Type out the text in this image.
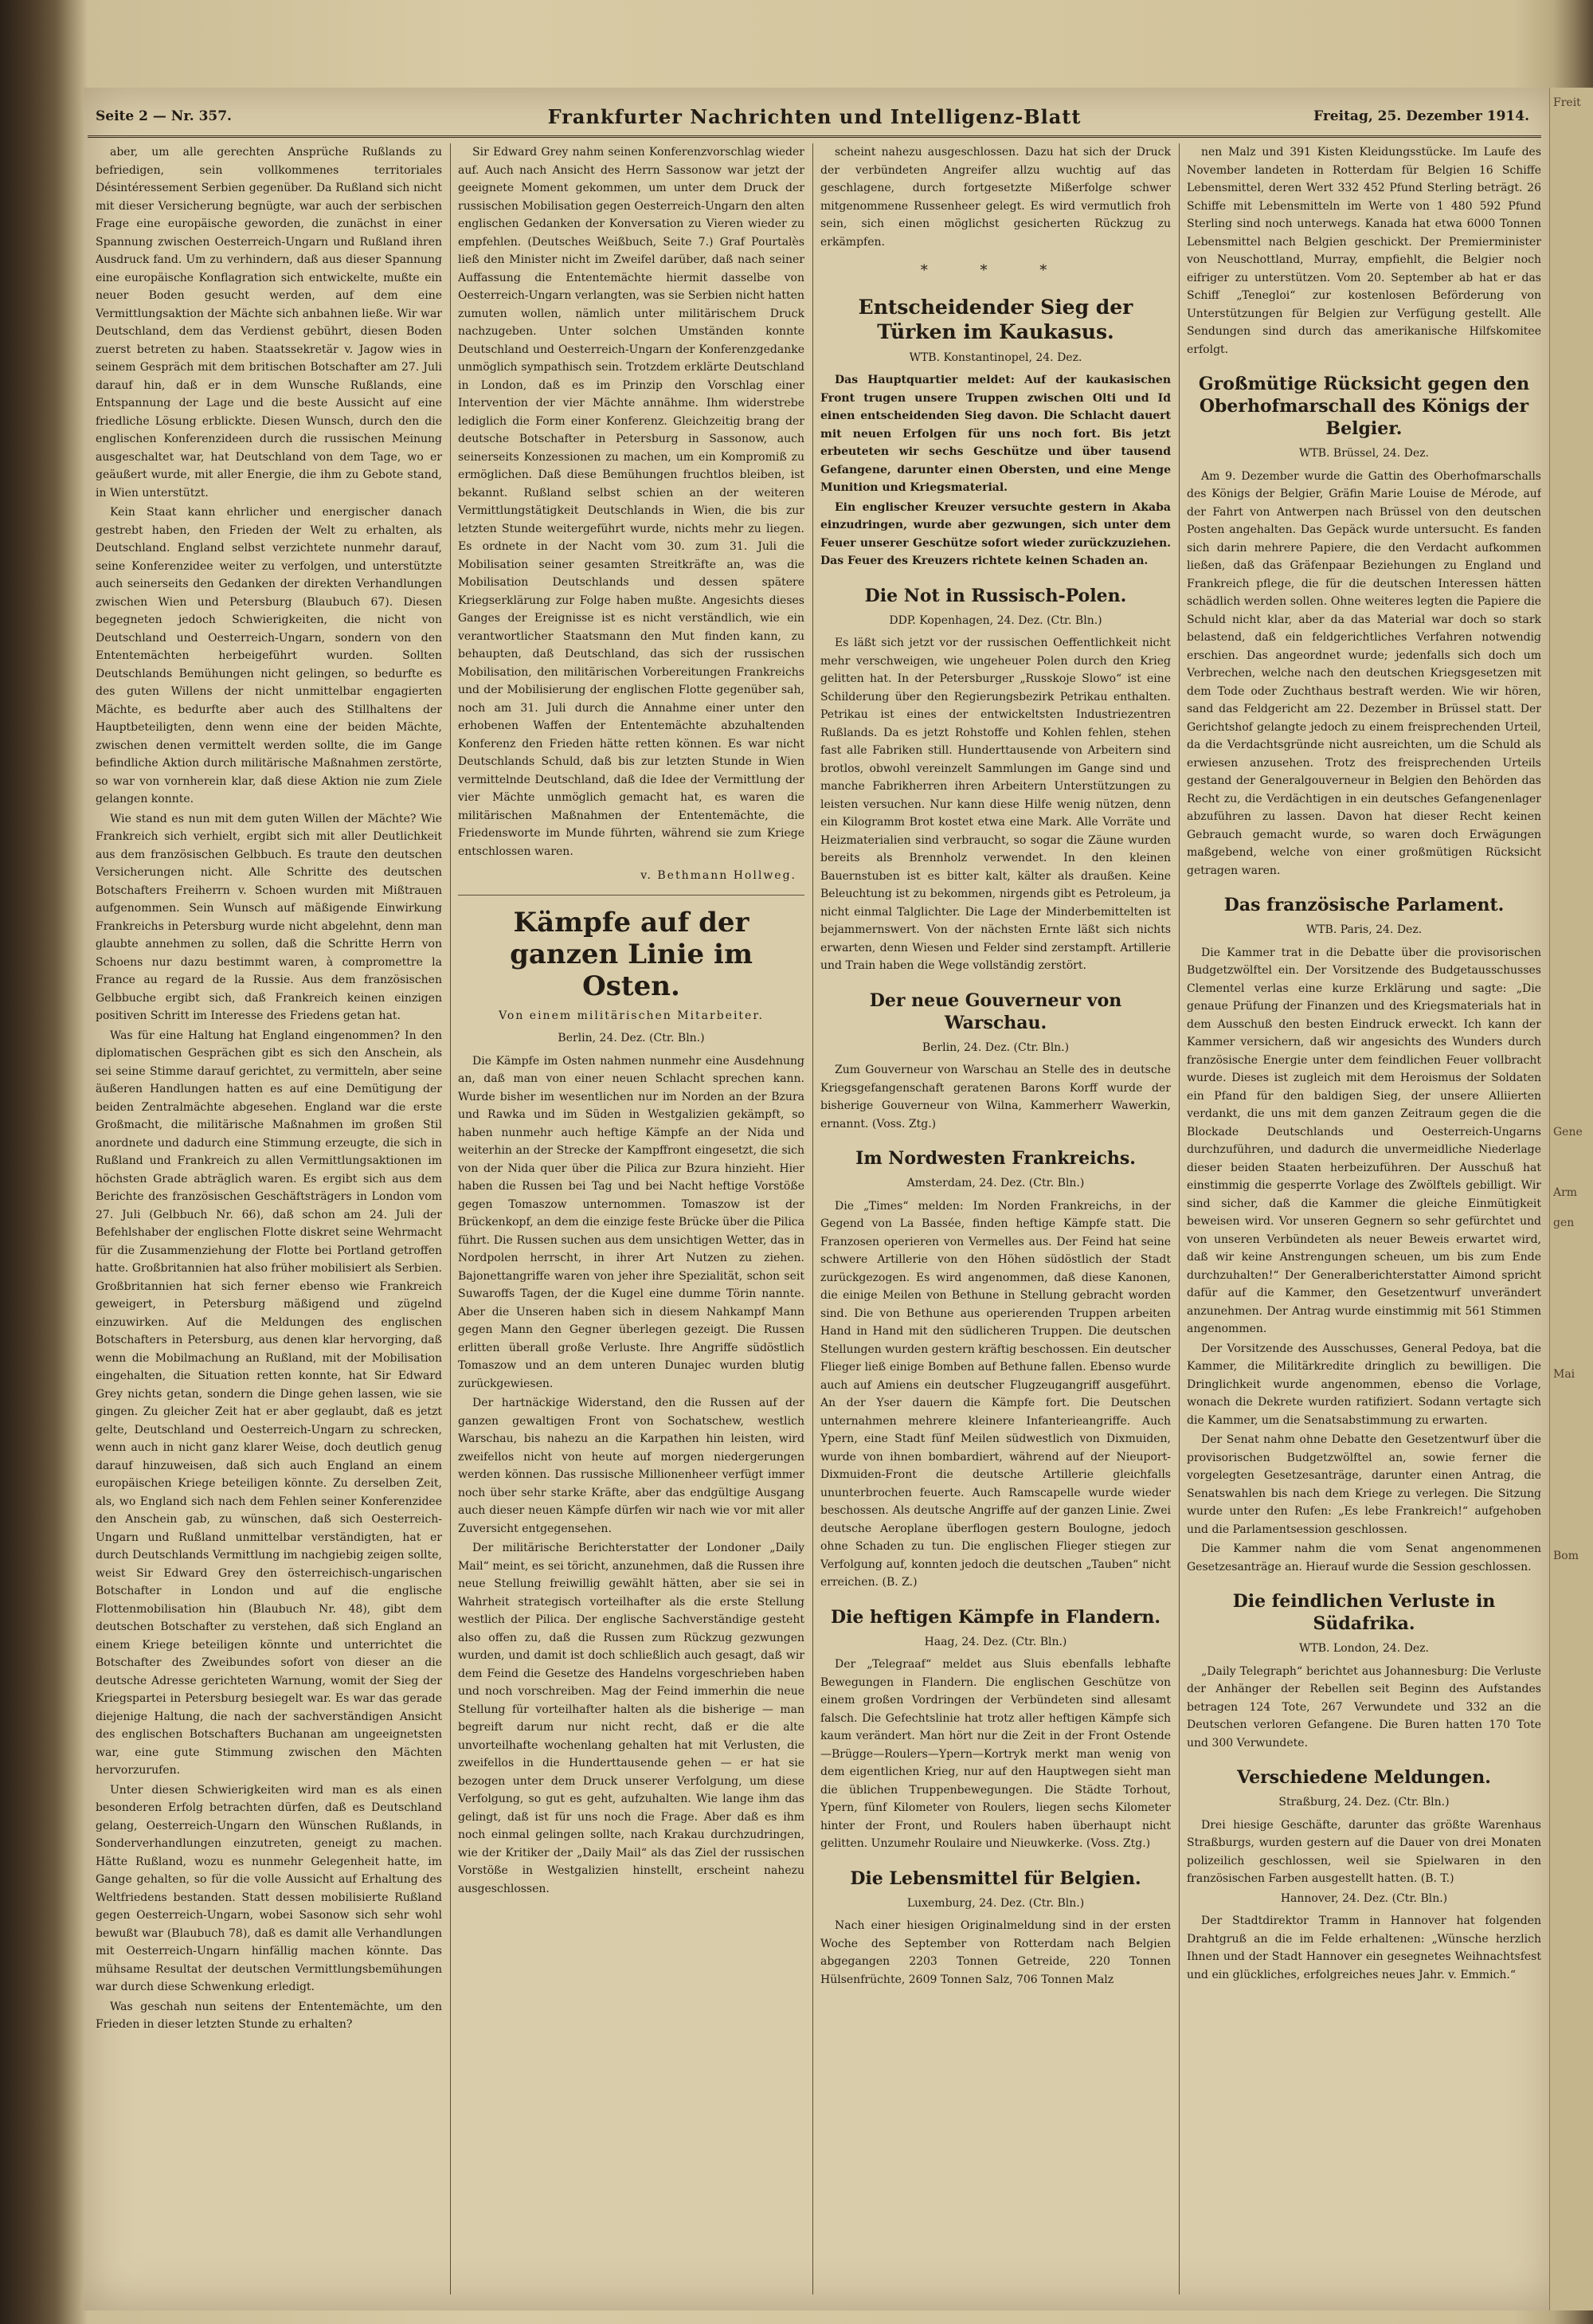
Freit

Gene

Arm
gen

Mai

Bom
Seite 2 — Nr. 357.	Frankfurter Nachrichten und Intelligenz-Blatt	Freitag, 25. Dezember 1914.

aber, um alle gerechten Ansprüche Rußlands zu befriedigen, sein vollkommenes territoriales Désintéressement Serbien gegenüber. Da Rußland sich nicht mit dieser Versicherung begnügte, war auch der serbischen Frage eine europäische geworden, die zunächst in einer Spannung zwischen Oesterreich-Ungarn und Rußland ihren Ausdruck fand. Um zu verhindern, daß aus dieser Spannung eine europäische Konflagration sich entwickelte, mußte ein neuer Boden gesucht werden, auf dem eine Vermittlungsaktion der Mächte sich anbahnen ließe. Wir war Deutschland, dem das Verdienst gebührt, diesen Boden zuerst betreten zu haben. Staatssekretär v. Jagow wies in seinem Gespräch mit dem britischen Botschafter am 27. Juli darauf hin, daß er in dem Wunsche Rußlands, eine Entspannung der Lage und die beste Aussicht auf eine friedliche Lösung erblickte. Diesen Wunsch, durch den die englischen Konferenzideen durch die russischen Meinung ausgeschaltet war, hat Deutschland von dem Tage, wo er geäußert wurde, mit aller Energie, die ihm zu Gebote stand, in Wien unterstützt.

Kein Staat kann ehrlicher und energischer danach gestrebt haben, den Frieden der Welt zu erhalten, als Deutschland. England selbst verzichtete nunmehr darauf, seine Konferenzidee weiter zu verfolgen, und unterstützte auch seinerseits den Gedanken der direkten Verhandlungen zwischen Wien und Petersburg (Blaubuch 67). Diesen begegneten jedoch Schwierigkeiten, die nicht von Deutschland und Oesterreich-Ungarn, sondern von den Ententemächten herbeigeführt wurden. Sollten Deutschlands Bemühungen nicht gelingen, so bedurfte es des guten Willens der nicht unmittelbar engagierten Mächte, es bedurfte aber auch des Stillhaltens der Hauptbeteiligten, denn wenn eine der beiden Mächte, zwischen denen vermittelt werden sollte, die im Gange befindliche Aktion durch militärische Maßnahmen zerstörte, so war von vornherein klar, daß diese Aktion nie zum Ziele gelangen konnte.

Wie stand es nun mit dem guten Willen der Mächte? Wie Frankreich sich verhielt, ergibt sich mit aller Deutlichkeit aus dem französischen Gelbbuch. Es traute den deutschen Versicherungen nicht. Alle Schritte des deutschen Botschafters Freiherrn v. Schoen wurden mit Mißtrauen aufgenommen. Sein Wunsch auf mäßigende Einwirkung Frankreichs in Petersburg wurde nicht abgelehnt, denn man glaubte annehmen zu sollen, daß die Schritte Herrn von Schoens nur dazu bestimmt waren, à compromettre la France au regard de la Russie. Aus dem französischen Gelbbuche ergibt sich, daß Frankreich keinen einzigen positiven Schritt im Interesse des Friedens getan hat.

Was für eine Haltung hat England eingenommen? In den diplomatischen Gesprächen gibt es sich den Anschein, als sei seine Stimme darauf gerichtet, zu vermitteln, aber seine äußeren Handlungen hatten es auf eine Demütigung der beiden Zentralmächte abgesehen. England war die erste Großmacht, die militärische Maßnahmen im großen Stil anordnete und dadurch eine Stimmung erzeugte, die sich in Rußland und Frankreich zu allen Vermittlungsaktionen im höchsten Grade abträglich waren. Es ergibt sich aus dem Berichte des französischen Geschäftsträgers in London vom 27. Juli (Gelbbuch Nr. 66), daß schon am 24. Juli der Befehlshaber der englischen Flotte diskret seine Wehrmacht für die Zusammenziehung der Flotte bei Portland getroffen hatte. Großbritannien hat also früher mobilisiert als Serbien. Großbritannien hat sich ferner ebenso wie Frankreich geweigert, in Petersburg mäßigend und zügelnd einzuwirken. Auf die Meldungen des englischen Botschafters in Petersburg, aus denen klar hervorging, daß wenn die Mobilmachung an Rußland, mit der Mobilisation eingehalten, die Situation retten konnte, hat Sir Edward Grey nichts getan, sondern die Dinge gehen lassen, wie sie gingen. Zu gleicher Zeit hat er aber geglaubt, daß es jetzt gelte, Deutschland und Oesterreich-Ungarn zu schrecken, wenn auch in nicht ganz klarer Weise, doch deutlich genug darauf hinzuweisen, daß sich auch England an einem europäischen Kriege beteiligen könnte. Zu derselben Zeit, als, wo England sich nach dem Fehlen seiner Konferenzidee den Anschein gab, zu wünschen, daß sich Oesterreich-Ungarn und Rußland unmittelbar verständigten, hat er durch Deutschlands Vermittlung im nachgiebig zeigen sollte, weist Sir Edward Grey den österreichisch-ungarischen Botschafter in London und auf die englische Flottenmobilisation hin (Blaubuch Nr. 48), gibt dem deutschen Botschafter zu verstehen, daß sich England an einem Kriege beteiligen könnte und unterrichtet die Botschafter des Zweibundes sofort von dieser an die deutsche Adresse gerichteten Warnung, womit der Sieg der Kriegspartei in Petersburg besiegelt war. Es war das gerade diejenige Haltung, die nach der sachverständigen Ansicht des englischen Botschafters Buchanan am ungeeignetsten war, eine gute Stimmung zwischen den Mächten hervorzurufen.

Unter diesen Schwierigkeiten wird man es als einen besonderen Erfolg betrachten dürfen, daß es Deutschland gelang, Oesterreich-Ungarn den Wünschen Rußlands, in Sonderverhandlungen einzutreten, geneigt zu machen. Hätte Rußland, wozu es nunmehr Gelegenheit hatte, im Gange gehalten, so für die volle Aussicht auf Erhaltung des Weltfriedens bestanden. Statt dessen mobilisierte Rußland gegen Oesterreich-Ungarn, wobei Sasonow sich sehr wohl bewußt war (Blaubuch 78), daß es damit alle Verhandlungen mit Oesterreich-Ungarn hinfällig machen könnte. Das mühsame Resultat der deutschen Vermittlungsbemühungen war durch diese Schwenkung erledigt.

Was geschah nun seitens der Ententemächte, um den Frieden in dieser letzten Stunde zu erhalten?

Sir Edward Grey nahm seinen Konferenzvorschlag wieder auf. Auch nach Ansicht des Herrn Sassonow war jetzt der geeignete Moment gekommen, um unter dem Druck der russischen Mobilisation gegen Oesterreich-Ungarn den alten englischen Gedanken der Konversation zu Vieren wieder zu empfehlen. (Deutsches Weißbuch, Seite 7.) Graf Pourtalès ließ den Minister nicht im Zweifel darüber, daß nach seiner Auffassung die Ententemächte hiermit dasselbe von Oesterreich-Ungarn verlangten, was sie Serbien nicht hatten zumuten wollen, nämlich unter militärischem Druck nachzugeben. Unter solchen Umständen konnte Deutschland und Oesterreich-Ungarn der Konferenzgedanke unmöglich sympathisch sein. Trotzdem erklärte Deutschland in London, daß es im Prinzip den Vorschlag einer Intervention der vier Mächte annähme. Ihm widerstrebe lediglich die Form einer Konferenz. Gleichzeitig brang der deutsche Botschafter in Petersburg in Sassonow, auch seinerseits Konzessionen zu machen, um ein Kompromiß zu ermöglichen. Daß diese Bemühungen fruchtlos bleiben, ist bekannt. Rußland selbst schien an der weiteren Vermittlungstätigkeit Deutschlands in Wien, die bis zur letzten Stunde weitergeführt wurde, nichts mehr zu liegen. Es ordnete in der Nacht vom 30. zum 31. Juli die Mobilisation seiner gesamten Streitkräfte an, was die Mobilisation Deutschlands und dessen spätere Kriegserklärung zur Folge haben mußte. Angesichts dieses Ganges der Ereignisse ist es nicht verständlich, wie ein verantwortlicher Staatsmann den Mut finden kann, zu behaupten, daß Deutschland, das sich der russischen Mobilisation, den militärischen Vorbereitungen Frankreichs und der Mobilisierung der englischen Flotte gegenüber sah, noch am 31. Juli durch die Annahme einer unter den erhobenen Waffen der Ententemächte abzuhaltenden Konferenz den Frieden hätte retten können. Es war nicht Deutschlands Schuld, daß bis zur letzten Stunde in Wien vermittelnde Deutschland, daß die Idee der Vermittlung der vier Mächte unmöglich gemacht hat, es waren die militärischen Maßnahmen der Ententemächte, die Friedensworte im Munde führten, während sie zum Kriege entschlossen waren.

v. Bethmann Hollweg.
Kämpfe auf der ganzen Linie im Osten.
Von einem militärischen Mitarbeiter.
Berlin, 24. Dez. (Ctr. Bln.)

Die Kämpfe im Osten nahmen nunmehr eine Ausdehnung an, daß man von einer neuen Schlacht sprechen kann. Wurde bisher im wesentlichen nur im Norden an der Bzura und Rawka und im Süden in Westgalizien gekämpft, so haben nunmehr auch heftige Kämpfe an der Nida und weiterhin an der Strecke der Kampffront eingesetzt, die sich von der Nida quer über die Pilica zur Bzura hinzieht. Hier haben die Russen bei Tag und bei Nacht heftige Vorstöße gegen Tomaszow unternommen. Tomaszow ist der Brückenkopf, an dem die einzige feste Brücke über die Pilica führt. Die Russen suchen aus dem unsichtigen Wetter, das in Nordpolen herrscht, in ihrer Art Nutzen zu ziehen. Bajonettangriffe waren von jeher ihre Spezialität, schon seit Suwaroffs Tagen, der die Kugel eine dumme Törin nannte. Aber die Unseren haben sich in diesem Nahkampf Mann gegen Mann den Gegner überlegen gezeigt. Die Russen erlitten überall große Verluste. Ihre Angriffe südöstlich Tomaszow und an dem unteren Dunajec wurden blutig zurückgewiesen.

Der hartnäckige Widerstand, den die Russen auf der ganzen gewaltigen Front von Sochatschew, westlich Warschau, bis nahezu an die Karpathen hin leisten, wird zweifellos nicht von heute auf morgen niedergerungen werden können. Das russische Millionenheer verfügt immer noch über sehr starke Kräfte, aber das endgültige Ausgang auch dieser neuen Kämpfe dürfen wir nach wie vor mit aller Zuversicht entgegensehen.

Der militärische Berichterstatter der Londoner „Daily Mail“ meint, es sei töricht, anzunehmen, daß die Russen ihre neue Stellung freiwillig gewählt hätten, aber sie sei in Wahrheit strategisch vorteilhafter als die erste Stellung westlich der Pilica. Der englische Sachverständige gesteht also offen zu, daß die Russen zum Rückzug gezwungen wurden, und damit ist doch schließlich auch gesagt, daß wir dem Feind die Gesetze des Handelns vorgeschrieben haben und noch vorschreiben. Mag der Feind immerhin die neue Stellung für vorteilhafter halten als die bisherige — man begreift darum nur nicht recht, daß er die alte unvorteilhafte wochenlang gehalten hat mit Verlusten, die zweifellos in die Hunderttausende gehen — er hat sie bezogen unter dem Druck unserer Verfolgung, um diese Verfolgung, so gut es geht, aufzuhalten. Wie lange ihm das gelingt, daß ist für uns noch die Frage. Aber daß es ihm noch einmal gelingen sollte, nach Krakau durchzudringen, wie der Kritiker der „Daily Mail“ als das Ziel der russischen Vorstöße in Westgalizien hinstellt, erscheint nahezu ausgeschlossen.

scheint nahezu ausgeschlossen. Dazu hat sich der Druck der verbündeten Angreifer allzu wuchtig auf das geschlagene, durch fortgesetzte Mißerfolge schwer mitgenommene Russenheer gelegt. Es wird vermutlich froh sein, sich einen möglichst gesicherten Rückzug zu erkämpfen.

* * *
Entscheidender Sieg der Türken im Kaukasus.
WTB. Konstantinopel, 24. Dez.

Das Hauptquartier meldet: Auf der kaukasischen Front trugen unsere Truppen zwischen Olti und Id einen entscheidenden Sieg davon. Die Schlacht dauert mit neuen Erfolgen für uns noch fort. Bis jetzt erbeuteten wir sechs Geschütze und über tausend Gefangene, darunter einen Obersten, und eine Menge Munition und Kriegsmaterial.

Ein englischer Kreuzer versuchte gestern in Akaba einzudringen, wurde aber gezwungen, sich unter dem Feuer unserer Geschütze sofort wieder zurückzuziehen. Das Feuer des Kreuzers richtete keinen Schaden an.

Die Not in Russisch-Polen.
DDP. Kopenhagen, 24. Dez. (Ctr. Bln.)

Es läßt sich jetzt vor der russischen Oeffentlichkeit nicht mehr verschweigen, wie ungeheuer Polen durch den Krieg gelitten hat. In der Petersburger „Russkoje Slowo“ ist eine Schilderung über den Regierungsbezirk Petrikau enthalten. Petrikau ist eines der entwickeltsten Industriezentren Rußlands. Da es jetzt Rohstoffe und Kohlen fehlen, stehen fast alle Fabriken still. Hunderttausende von Arbeitern sind brotlos, obwohl vereinzelt Sammlungen im Gange sind und manche Fabrikherren ihren Arbeitern Unterstützungen zu leisten versuchen. Nur kann diese Hilfe wenig nützen, denn ein Kilogramm Brot kostet etwa eine Mark. Alle Vorräte und Heizmaterialien sind verbraucht, so sogar die Zäune wurden bereits als Brennholz verwendet. In den kleinen Bauernstuben ist es bitter kalt, kälter als draußen. Keine Beleuchtung ist zu bekommen, nirgends gibt es Petroleum, ja nicht einmal Talglichter. Die Lage der Minderbemittelten ist bejammernswert. Von der nächsten Ernte läßt sich nichts erwarten, denn Wiesen und Felder sind zerstampft. Artillerie und Train haben die Wege vollständig zerstört.

Der neue Gouverneur von Warschau.
Berlin, 24. Dez. (Ctr. Bln.)

Zum Gouverneur von Warschau an Stelle des in deutsche Kriegsgefangenschaft geratenen Barons Korff wurde der bisherige Gouverneur von Wilna, Kammerherr Wawerkin, ernannt. (Voss. Ztg.)

Im Nordwesten Frankreichs.
Amsterdam, 24. Dez. (Ctr. Bln.)

Die „Times“ melden: Im Norden Frankreichs, in der Gegend von La Bassée, finden heftige Kämpfe statt. Die Franzosen operieren von Vermelles aus. Der Feind hat seine schwere Artillerie von den Höhen südöstlich der Stadt zurückgezogen. Es wird angenommen, daß diese Kanonen, die einige Meilen von Bethune in Stellung gebracht worden sind. Die von Bethune aus operierenden Truppen arbeiten Hand in Hand mit den südlicheren Truppen. Die deutschen Stellungen wurden gestern kräftig beschossen. Ein deutscher Flieger ließ einige Bomben auf Bethune fallen. Ebenso wurde auch auf Amiens ein deutscher Flugzeugangriff ausgeführt. An der Yser dauern die Kämpfe fort. Die Deutschen unternahmen mehrere kleinere Infanterieangriffe. Auch Ypern, eine Stadt fünf Meilen südwestlich von Dixmuiden, wurde von ihnen bombardiert, während auf der Nieuport-Dixmuiden-Front die deutsche Artillerie gleichfalls ununterbrochen feuerte. Auch Ramscapelle wurde wieder beschossen. Als deutsche Angriffe auf der ganzen Linie. Zwei deutsche Aeroplane überflogen gestern Boulogne, jedoch ohne Schaden zu tun. Die englischen Flieger stiegen zur Verfolgung auf, konnten jedoch die deutschen „Tauben“ nicht erreichen. (B. Z.)

Die heftigen Kämpfe in Flandern.
Haag, 24. Dez. (Ctr. Bln.)

Der „Telegraaf“ meldet aus Sluis ebenfalls lebhafte Bewegungen in Flandern. Die englischen Geschütze von einem großen Vordringen der Verbündeten sind allesamt falsch. Die Gefechtslinie hat trotz aller heftigen Kämpfe sich kaum verändert. Man hört nur die Zeit in der Front Ostende—Brügge—Roulers—Ypern—Kortryk merkt man wenig von dem eigentlichen Krieg, nur auf den Hauptwegen sieht man die üblichen Truppenbewegungen. Die Städte Torhout, Ypern, fünf Kilometer von Roulers, liegen sechs Kilometer hinter der Front, und Roulers haben überhaupt nicht gelitten. Unzumehr Roulaire und Nieuwkerke. (Voss. Ztg.)

Die Lebensmittel für Belgien.
Luxemburg, 24. Dez. (Ctr. Bln.)

Nach einer hiesigen Originalmeldung sind in der ersten Woche des September von Rotterdam nach Belgien abgegangen 2203 Tonnen Getreide, 220 Tonnen Hülsenfrüchte, 2609 Tonnen Salz, 706 Tonnen Malz

nen Malz und 391 Kisten Kleidungsstücke. Im Laufe des November landeten in Rotterdam für Belgien 16 Schiffe Lebensmittel, deren Wert 332 452 Pfund Sterling beträgt. 26 Schiffe mit Lebensmitteln im Werte von 1 480 592 Pfund Sterling sind noch unterwegs. Kanada hat etwa 6000 Tonnen Lebensmittel nach Belgien geschickt. Der Premierminister von Neuschottland, Murray, empfiehlt, die Belgier noch eifriger zu unterstützen. Vom 20. September ab hat er das Schiff „Tenegloi“ zur kostenlosen Beförderung von Unterstützungen für Belgien zur Verfügung gestellt. Alle Sendungen sind durch das amerikanische Hilfskomitee erfolgt.

Großmütige Rücksicht gegen den Oberhofmarschall des Königs der Belgier.
WTB. Brüssel, 24. Dez.

Am 9. Dezember wurde die Gattin des Oberhofmarschalls des Königs der Belgier, Gräfin Marie Louise de Mérode, auf der Fahrt von Antwerpen nach Brüssel von den deutschen Posten angehalten. Das Gepäck wurde untersucht. Es fanden sich darin mehrere Papiere, die den Verdacht aufkommen ließen, daß das Gräfenpaar Beziehungen zu England und Frankreich pflege, die für die deutschen Interessen hätten schädlich werden sollen. Ohne weiteres legten die Papiere die Schuld nicht klar, aber da das Material war doch so stark belastend, daß ein feldgerichtliches Verfahren notwendig erschien. Das angeordnet wurde; jedenfalls sich doch um Verbrechen, welche nach den deutschen Kriegsgesetzen mit dem Tode oder Zuchthaus bestraft werden. Wie wir hören, sand das Feldgericht am 22. Dezember in Brüssel statt. Der Gerichtshof gelangte jedoch zu einem freisprechenden Urteil, da die Verdachtsgründe nicht ausreichten, um die Schuld als erwiesen anzusehen. Trotz des freisprechenden Urteils gestand der Generalgouverneur in Belgien den Behörden das Recht zu, die Verdächtigen in ein deutsches Gefangenenlager abzuführen zu lassen. Davon hat dieser Recht keinen Gebrauch gemacht wurde, so waren doch Erwägungen maßgebend, welche von einer großmütigen Rücksicht getragen waren.

Das französische Parlament.
WTB. Paris, 24. Dez.

Die Kammer trat in die Debatte über die provisorischen Budgetzwölftel ein. Der Vorsitzende des Budgetausschusses Clementel verlas eine kurze Erklärung und sagte: „Die genaue Prüfung der Finanzen und des Kriegsmaterials hat in dem Ausschuß den besten Eindruck erweckt. Ich kann der Kammer versichern, daß wir angesichts des Wunders durch französische Energie unter dem feindlichen Feuer vollbracht wurde. Dieses ist zugleich mit dem Heroismus der Soldaten ein Pfand für den baldigen Sieg, der unsere Alliierten verdankt, die uns mit dem ganzen Zeitraum gegen die die Blockade Deutschlands und Oesterreich-Ungarns durchzuführen, und dadurch die unvermeidliche Niederlage dieser beiden Staaten herbeizuführen. Der Ausschuß hat einstimmig die gesperrte Vorlage des Zwölftels gebilligt. Wir sind sicher, daß die Kammer die gleiche Einmütigkeit beweisen wird. Vor unseren Gegnern so sehr gefürchtet und von unseren Verbündeten als neuer Beweis erwartet wird, daß wir keine Anstrengungen scheuen, um bis zum Ende durchzuhalten!“ Der Generalberichterstatter Aimond spricht dafür auf die Kammer, den Gesetzentwurf unverändert anzunehmen. Der Antrag wurde einstimmig mit 561 Stimmen angenommen.

Der Vorsitzende des Ausschusses, General Pedoya, bat die Kammer, die Militärkredite dringlich zu bewilligen. Die Dringlichkeit wurde angenommen, ebenso die Vorlage, wonach die Dekrete wurden ratifiziert. Sodann vertagte sich die Kammer, um die Senatsabstimmung zu erwarten.

Der Senat nahm ohne Debatte den Gesetzentwurf über die provisorischen Budgetzwölftel an, sowie ferner die vorgelegten Gesetzesanträge, darunter einen Antrag, die Senatswahlen bis nach dem Kriege zu verlegen. Die Sitzung wurde unter den Rufen: „Es lebe Frankreich!“ aufgehoben und die Parlamentsession geschlossen.

Die Kammer nahm die vom Senat angenommenen Gesetzesanträge an. Hierauf wurde die Session geschlossen.

Die feindlichen Verluste in Südafrika.
WTB. London, 24. Dez.

„Daily Telegraph“ berichtet aus Johannesburg: Die Verluste der Anhänger der Rebellen seit Beginn des Aufstandes betragen 124 Tote, 267 Verwundete und 332 an die Deutschen verloren Gefangene. Die Buren hatten 170 Tote und 300 Verwundete.

Verschiedene Meldungen.
Straßburg, 24. Dez. (Ctr. Bln.)

Drei hiesige Geschäfte, darunter das größte Warenhaus Straßburgs, wurden gestern auf die Dauer von drei Monaten polizeilich geschlossen, weil sie Spielwaren in den französischen Farben ausgestellt hatten. (B. T.)

Hannover, 24. Dez. (Ctr. Bln.)

Der Stadtdirektor Tramm in Hannover hat folgenden Drahtgruß an die im Felde erhaltenen: „Wünsche herzlich Ihnen und der Stadt Hannover ein gesegnetes Weihnachtsfest und ein glückliches, erfolgreiches neues Jahr. v. Emmich.“
